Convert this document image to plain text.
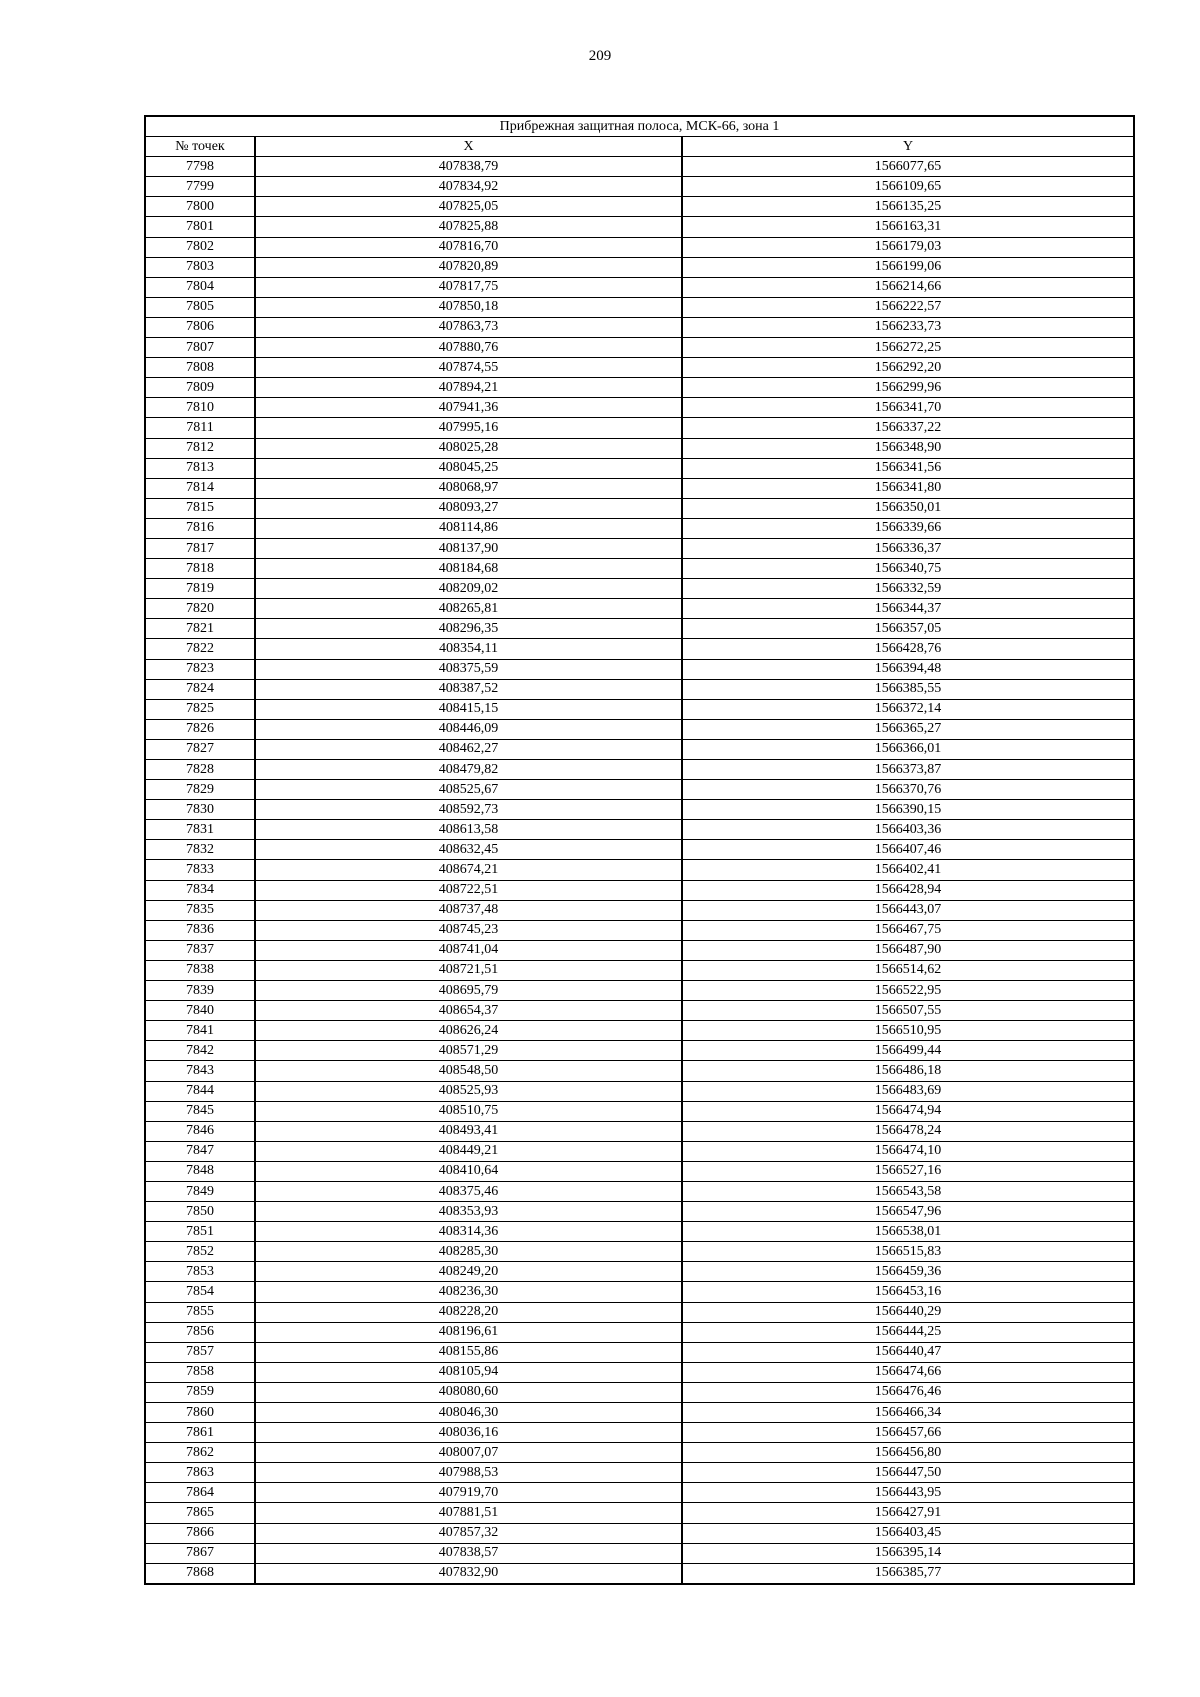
209
Прибрежная защитная полоса, МСК-66, зона 1		
№ точек	X	Y
7798	407838,79	1566077,65
7799	407834,92	1566109,65
7800	407825,05	1566135,25
7801	407825,88	1566163,31
7802	407816,70	1566179,03
7803	407820,89	1566199,06
7804	407817,75	1566214,66
7805	407850,18	1566222,57
7806	407863,73	1566233,73
7807	407880,76	1566272,25
7808	407874,55	1566292,20
7809	407894,21	1566299,96
7810	407941,36	1566341,70
7811	407995,16	1566337,22
7812	408025,28	1566348,90
7813	408045,25	1566341,56
7814	408068,97	1566341,80
7815	408093,27	1566350,01
7816	408114,86	1566339,66
7817	408137,90	1566336,37
7818	408184,68	1566340,75
7819	408209,02	1566332,59
7820	408265,81	1566344,37
7821	408296,35	1566357,05
7822	408354,11	1566428,76
7823	408375,59	1566394,48
7824	408387,52	1566385,55
7825	408415,15	1566372,14
7826	408446,09	1566365,27
7827	408462,27	1566366,01
7828	408479,82	1566373,87
7829	408525,67	1566370,76
7830	408592,73	1566390,15
7831	408613,58	1566403,36
7832	408632,45	1566407,46
7833	408674,21	1566402,41
7834	408722,51	1566428,94
7835	408737,48	1566443,07
7836	408745,23	1566467,75
7837	408741,04	1566487,90
7838	408721,51	1566514,62
7839	408695,79	1566522,95
7840	408654,37	1566507,55
7841	408626,24	1566510,95
7842	408571,29	1566499,44
7843	408548,50	1566486,18
7844	408525,93	1566483,69
7845	408510,75	1566474,94
7846	408493,41	1566478,24
7847	408449,21	1566474,10
7848	408410,64	1566527,16
7849	408375,46	1566543,58
7850	408353,93	1566547,96
7851	408314,36	1566538,01
7852	408285,30	1566515,83
7853	408249,20	1566459,36
7854	408236,30	1566453,16
7855	408228,20	1566440,29
7856	408196,61	1566444,25
7857	408155,86	1566440,47
7858	408105,94	1566474,66
7859	408080,60	1566476,46
7860	408046,30	1566466,34
7861	408036,16	1566457,66
7862	408007,07	1566456,80
7863	407988,53	1566447,50
7864	407919,70	1566443,95
7865	407881,51	1566427,91
7866	407857,32	1566403,45
7867	407838,57	1566395,14
7868	407832,90	1566385,77
